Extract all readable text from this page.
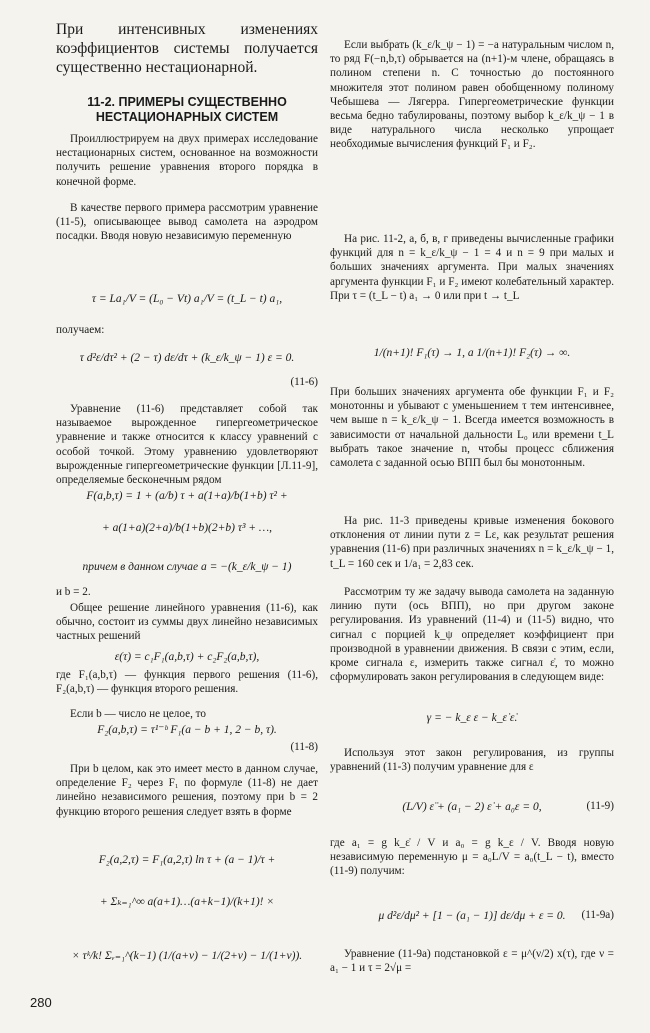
При интенсивных изменениях коэффициентов системы получается существенно нестационарной.

11-2. ПРИМЕРЫ СУЩЕСТВЕННО НЕСТАЦИОНАРНЫХ СИСТЕМ

Проиллюстрируем на двух примерах исследование нестационарных систем, основанное на возможности получить решение уравнения второго порядка в конечной форме.

В качестве первого примера рассмотрим уравнение (11-5), описывающее вывод самолета на аэродром посадки. Вводя новую независимую переменную

τ = La₁/V = (L₀ − Vt) a₁/V = (t_L − t) a₁,

получаем:

τ d²ε/dτ² + (2 − τ) dε/dτ + (k_ε/k_ψ − 1) ε = 0.

(11-6)

Уравнение (11-6) представляет собой так называемое вырожденное гипергеометрическое уравнение и также относится к классу уравнений с особой точкой. Этому уравнению удовлетворяют вырожденные гипергеометрические функции [Л.11-9], определяемые бесконечным рядом

F(a,b,τ) = 1 + (a/b) τ + a(1+a)/b(1+b) τ² +

+ a(1+a)(2+a)/b(1+b)(2+b) τ³ + …,

причем в данном случае a = −(k_ε/k_ψ − 1)

и b = 2.

Общее решение линейного уравнения (11-6), как обычно, состоит из суммы двух линейно независимых частных решений

ε(τ) = c₁F₁(a,b,τ) + c₂F₂(a,b,τ),

где F₁(a,b,τ) — функция первого решения (11-6), F₂(a,b,τ) — функция второго решения.

Если b — число не целое, то

F₂(a,b,τ) = τ¹⁻ᵇ F₁(a − b + 1, 2 − b, τ).

(11-8)

При b целом, как это имеет место в данном случае, определение F₂ через F₁ по формуле (11-8) не дает линейно независимого решения, поэтому при b = 2 функцию второго решения следует взять в форме

F₂(a,2,τ) = F₁(a,2,τ) ln τ + (a − 1)/τ +

+ Σₖ₌₁^∞ a(a+1)…(a+k−1)/(k+1)! ×

× τᵏ/k! Σᵥ₌₁^(k−1) (1/(a+ν) − 1/(2+ν) − 1/(1+ν)).

Если выбрать (k_ε/k_ψ − 1) = −a натуральным числом n, то ряд F(−n,b,τ) обрывается на (n+1)-м члене, обращаясь в полином степени n. С точностью до постоянного множителя этот полином равен обобщенному полиному Чебышева — Лягерра. Гипергеометрические функции весьма бедно табулированы, поэтому выбор k_ε/k_ψ − 1 в виде натурального числа несколько упрощает необходимые вычисления функций F₁ и F₂.

На рис. 11-2, а, б, в, г приведены вычисленные графики функций для n = k_ε/k_ψ − 1 = 4 и n = 9 при малых и больших значениях аргумента. При малых значениях аргумента функции F₁ и F₂ имеют колебательный характер. При τ = (t_L − t) a₁ → 0 или при t → t_L

1/(n+1)! F₁(τ) → 1, a 1/(n+1)! F₂(τ) → ∞.

При больших значениях аргумента обе функции F₁ и F₂ монотонны и убывают с уменьшением τ тем интенсивнее, чем выше n = k_ε/k_ψ − 1. Всегда имеется возможность в зависимости от начальной дальности L₀ или времени t_L выбрать такое значение n, чтобы процесс сближения самолета с заданной осью ВПП был бы монотонным.

На рис. 11-3 приведены кривые изменения бокового отклонения от линии пути z = Lε, как результат решения уравнения (11-6) при различных значениях n = k_ε/k_ψ − 1, t_L = 160 сек и 1/a₁ = 2,83 сек.

Рассмотрим ту же задачу вывода самолета на заданную линию пути (ось ВПП), но при другом законе регулирования. Из уравнений (11-4) и (11-5) видно, что сигнал с порцией k_ψ определяет коэффициент при производной в уравнении движения. В связи с этим, если, кроме сигнала ε, измерить также сигнал ε̇, то можно сформулировать закон регулирования в следующем виде:

γ = − k_ε ε − k_ε̇ ε̇.

Используя этот закон регулирования, из группы уравнений (11-3) получим уравнение для ε

(L/V) ε̈ + (a₁ − 2) ε̇ + a₀ε = 0,	(11-9)

где a₁ = g k_ε̇ / V и a₀ = g k_ε / V. Вводя новую независимую переменную μ = a₀L/V = a₀(t_L − t), вместо (11-9) получим:

μ d²ε/dμ² + [1 − (a₁ − 1)] dε/dμ + ε = 0.	(11-9a)

Уравнение (11-9a) подстановкой ε = μ^(ν/2) x(τ), где ν = a₁ − 1 и τ = 2√μ =

280
